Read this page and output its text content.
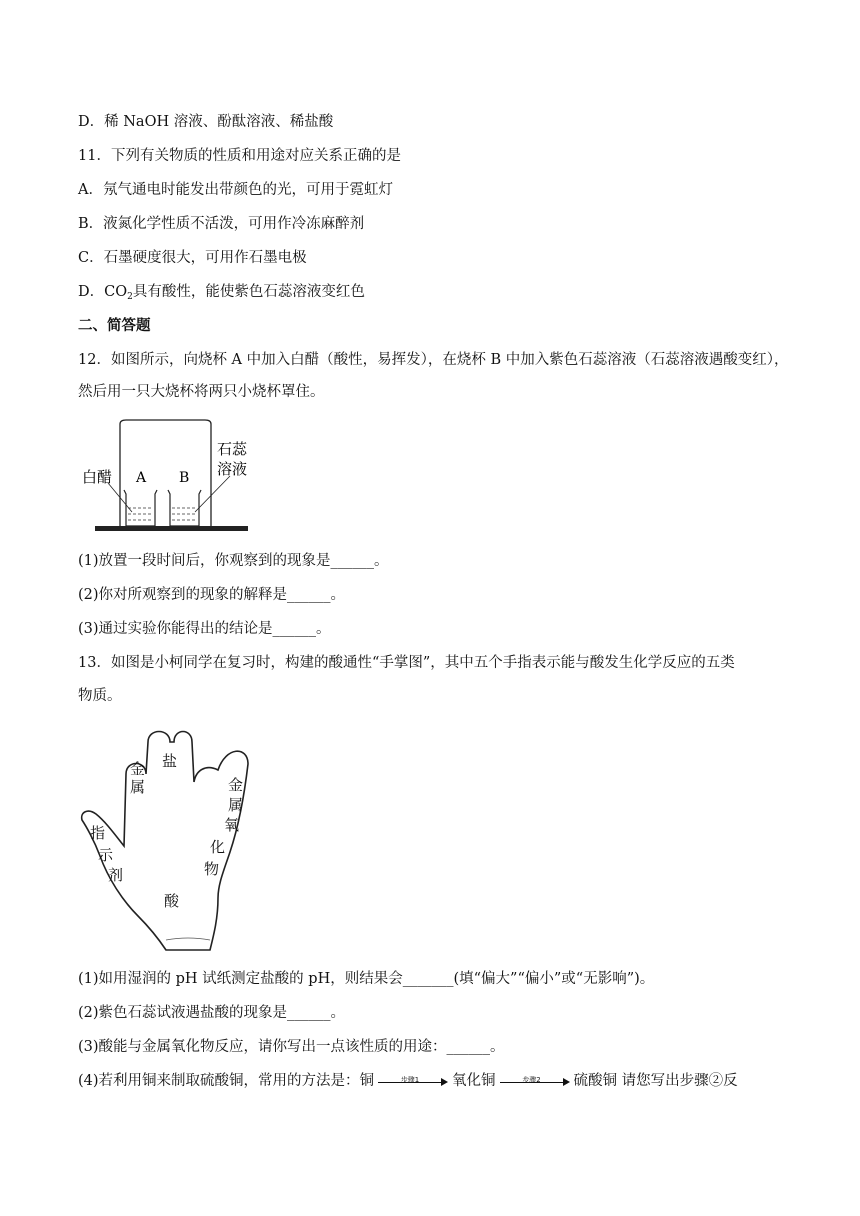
D．稀 NaOH 溶液、酚酞溶液、稀盐酸
11．下列有关物质的性质和用途对应关系正确的是
A．氖气通电时能发出带颜色的光，可用于霓虹灯
B．液氮化学性质不活泼，可用作冷冻麻醉剂
C．石墨硬度很大，可用作石墨电极
D．$CO_2$具有酸性，能使紫色石蕊溶液变红色
二、简答题
12．如图所示，向烧杯 A 中加入白醋（酸性，易挥发），在烧杯 B 中加入紫色石蕊溶液（石蕊溶液遇酸变红），
然后用一只大烧杯将两只小烧杯罩住。
白醋
石蕊
溶液
A B
(1)放置一段时间后，你观察到的现象是______。
(2)你对所观察到的现象的解释是______。
(3)通过实验你能得出的结论是______。
13．如图是小柯同学在复习时，构建的酸通性“手掌图”，其中五个手指表示能与酸发生化学反应的五类
物质。
金
属
盐
金
属
氧
化
物
指
示
剂
酸
(1)如用湿润的 pH 试纸测定盐酸的 pH，则结果会_______(填“偏大”“偏小”或“无影响”)。
(2)紫色石蕊试液遇盐酸的现象是______。
(3)酸能与金属氧化物反应，请你写出一点该性质的用途：______。
(4)若利用铜来制取硫酸铜，常用的方法是：铜	步骤1	氧化铜	步骤2	硫酸铜 请您写出步骤②反
